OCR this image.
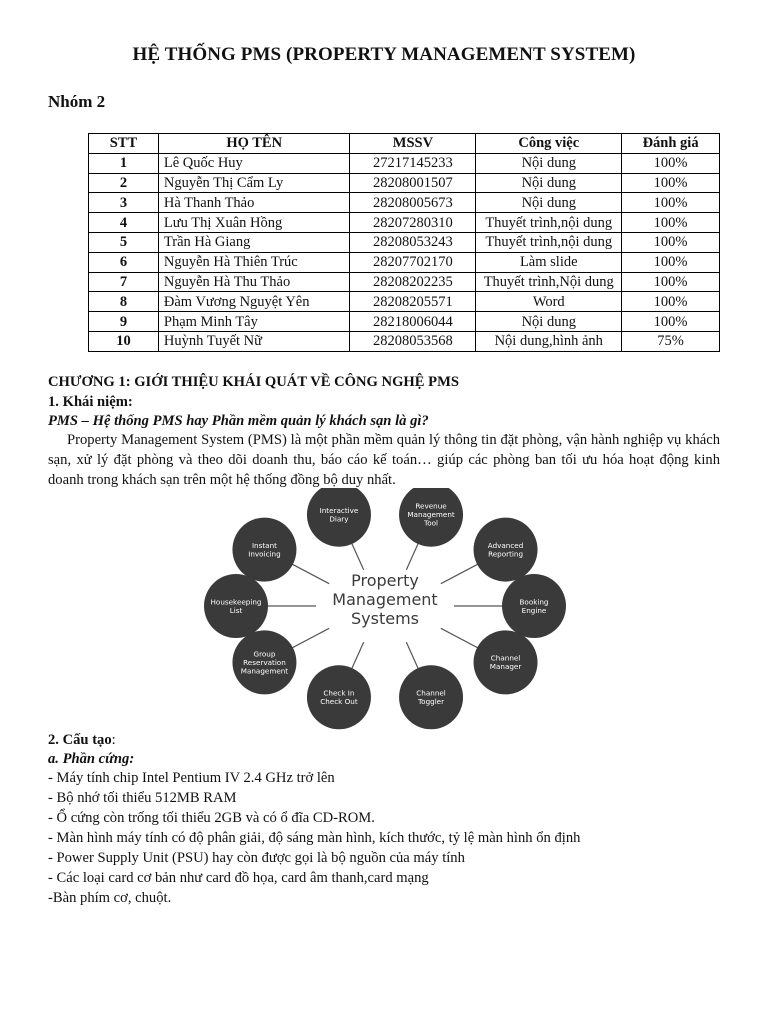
HỆ THỐNG PMS (PROPERTY MANAGEMENT SYSTEM)
Nhóm 2
STT	HỌ TÊN	MSSV	Công việc	Đánh giá
1	Lê Quốc Huy	27217145233	Nội dung	100%
2	Nguyễn Thị Cẩm Ly	28208001507	Nội dung	100%
3	Hà Thanh Thảo	28208005673	Nội dung	100%
4	Lưu Thị Xuân Hồng	28207280310	Thuyết trình,nội dung	100%
5	Trần Hà Giang	28208053243	Thuyết trình,nội dung	100%
6	Nguyễn Hà Thiên Trúc	28207702170	Làm slide	100%
7	Nguyễn Hà Thu Thảo	28208202235	Thuyết trình,Nội dung	100%
8	Đàm Vương Nguyệt Yên	28208205571	Word	100%
9	Phạm Minh Tây	28218006044	Nội dung	100%
10	Huỳnh Tuyết Nữ	28208053568	Nội dung,hình ảnh	75%
CHƯƠNG 1: GIỚI THIỆU KHÁI QUÁT VỀ CÔNG NGHỆ PMS
1. Khái niệm:
PMS – Hệ thống PMS hay Phần mềm quản lý khách sạn là gì?
Property Management System (PMS) là một phần mềm quản lý thông tin đặt phòng, vận hành nghiệp vụ khách sạn, xử lý đặt phòng và theo dõi doanh thu, báo cáo kế toán… giúp các phòng ban tối ưu hóa hoạt động kinh doanh trong khách sạn trên một hệ thống đồng bộ duy nhất.
Property
Management
Systems
Revenue
Management
Tool
Advanced
Reporting
Booking
Engine
Channel
Manager
Channel
Toggler
Check In
Check Out
Group
Reservation
Management
Housekeeping
List
Instant
Invoicing
Interactive
Diary
2. Cấu tạo:
a. Phần cứng:
- Máy tính chip Intel Pentium IV 2.4 GHz trở lên
- Bộ nhớ tối thiểu 512MB RAM
- Ổ cứng còn trống tối thiểu 2GB và có ổ đĩa CD-ROM.
- Màn hình máy tính có độ phân giải, độ sáng màn hình, kích thước, tỷ lệ màn hình ổn định
- Power Supply Unit (PSU) hay còn được gọi là bộ nguồn của máy tính
- Các loại card cơ bản như card đồ họa, card âm thanh,card mạng
-Bàn phím cơ, chuột.
